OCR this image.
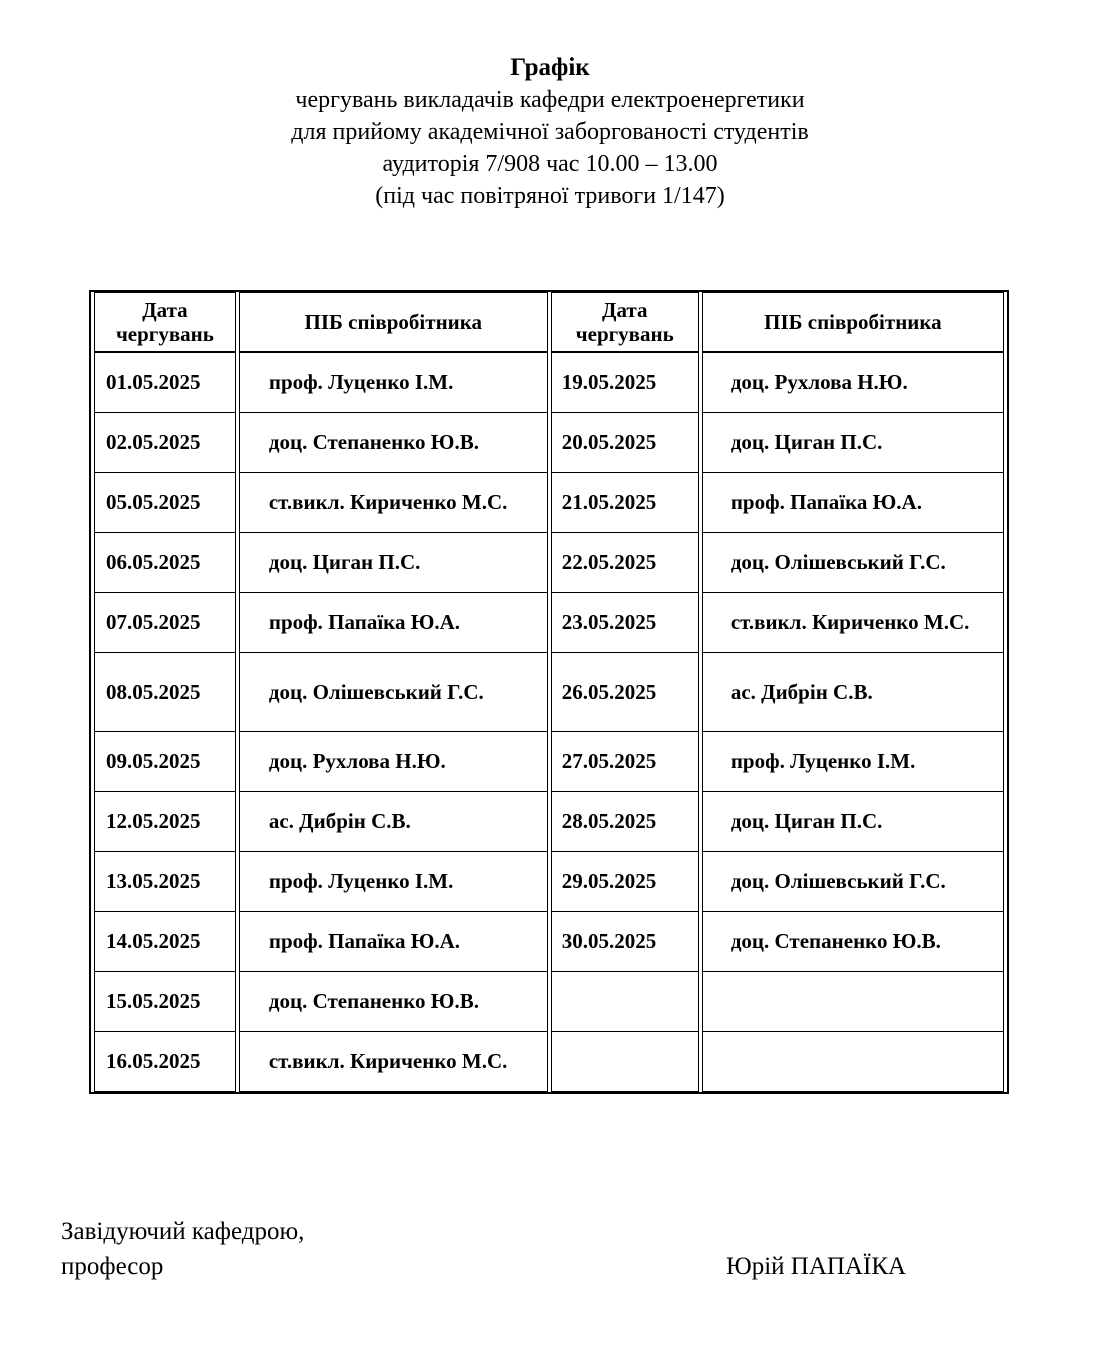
Графік
чергувань викладачів кафедри електроенергетики
для прийому академічної заборгованості студентів
аудиторія 7/908 час 10.00 – 13.00
(під час повітряної тривоги 1/147)
Дата чергувань	ПІБ співробітника	Дата чергувань	ПІБ співробітника
01.05.2025	проф. Луценко І.М.	19.05.2025	доц. Рухлова Н.Ю.
02.05.2025	доц. Степаненко Ю.В.	20.05.2025	доц. Циган П.С.
05.05.2025	ст.викл. Кириченко М.С.	21.05.2025	проф. Папаїка Ю.А.
06.05.2025	доц. Циган П.С.	22.05.2025	доц. Олішевський Г.С.
07.05.2025	проф. Папаїка Ю.А.	23.05.2025	ст.викл. Кириченко М.С.
08.05.2025	доц. Олішевський Г.С.	26.05.2025	ас. Дибрін С.В.
09.05.2025	доц. Рухлова Н.Ю.	27.05.2025	проф. Луценко І.М.
12.05.2025	ас. Дибрін С.В.	28.05.2025	доц. Циган П.С.
13.05.2025	проф. Луценко І.М.	29.05.2025	доц. Олішевський Г.С.
14.05.2025	проф. Папаїка Ю.А.	30.05.2025	доц. Степаненко Ю.В.
15.05.2025	доц. Степаненко Ю.В.		
16.05.2025	ст.викл. Кириченко М.С.		
Завідуючий кафедрою,
професор	Юрій ПАПАЇКА
